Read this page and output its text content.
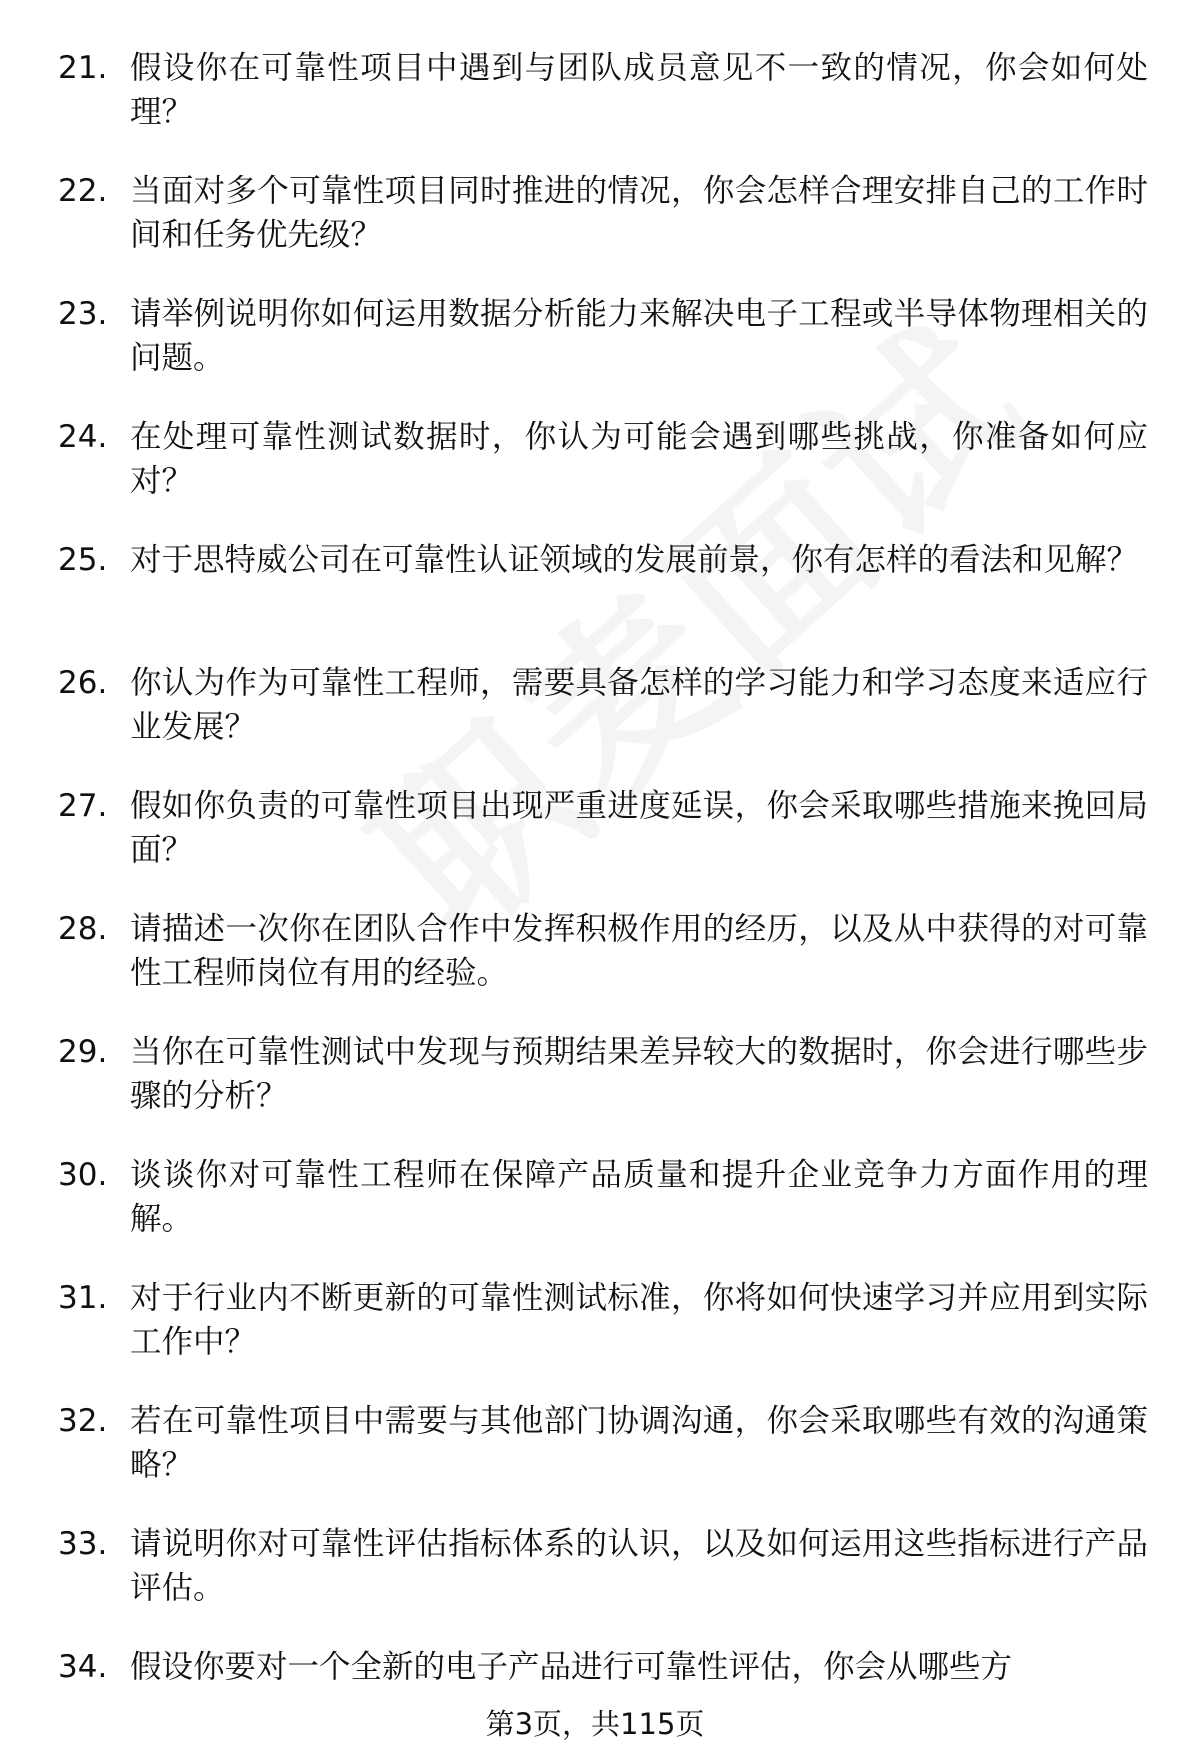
21. 假设你在可靠性项目中遇到与团队成员意见不一致的情况，你会如何处理？
22. 当面对多个可靠性项目同时推进的情况，你会怎样合理安排自己的工作时间和任务优先级？
23. 请举例说明你如何运用数据分析能力来解决电子工程或半导体物理相关的问题。
24. 在处理可靠性测试数据时，你认为可能会遇到哪些挑战，你准备如何应对？
25. 对于思特威公司在可靠性认证领域的发展前景，你有怎样的看法和见解？
26. 你认为作为可靠性工程师，需要具备怎样的学习能力和学习态度来适应行业发展？
27. 假如你负责的可靠性项目出现严重进度延误，你会采取哪些措施来挽回局面？
28. 请描述一次你在团队合作中发挥积极作用的经历，以及从中获得的对可靠性工程师岗位有用的经验。
29. 当你在可靠性测试中发现与预期结果差异较大的数据时，你会进行哪些步骤的分析？
30. 谈谈你对可靠性工程师在保障产品质量和提升企业竞争力方面作用的理解。
31. 对于行业内不断更新的可靠性测试标准，你将如何快速学习并应用到实际工作中？
32. 若在可靠性项目中需要与其他部门协调沟通，你会采取哪些有效的沟通策略？
33. 请说明你对可靠性评估指标体系的认识，以及如何运用这些指标进行产品评估。
34. 假设你要对一个全新的电子产品进行可靠性评估，你会从哪些方
第3页，共115页
